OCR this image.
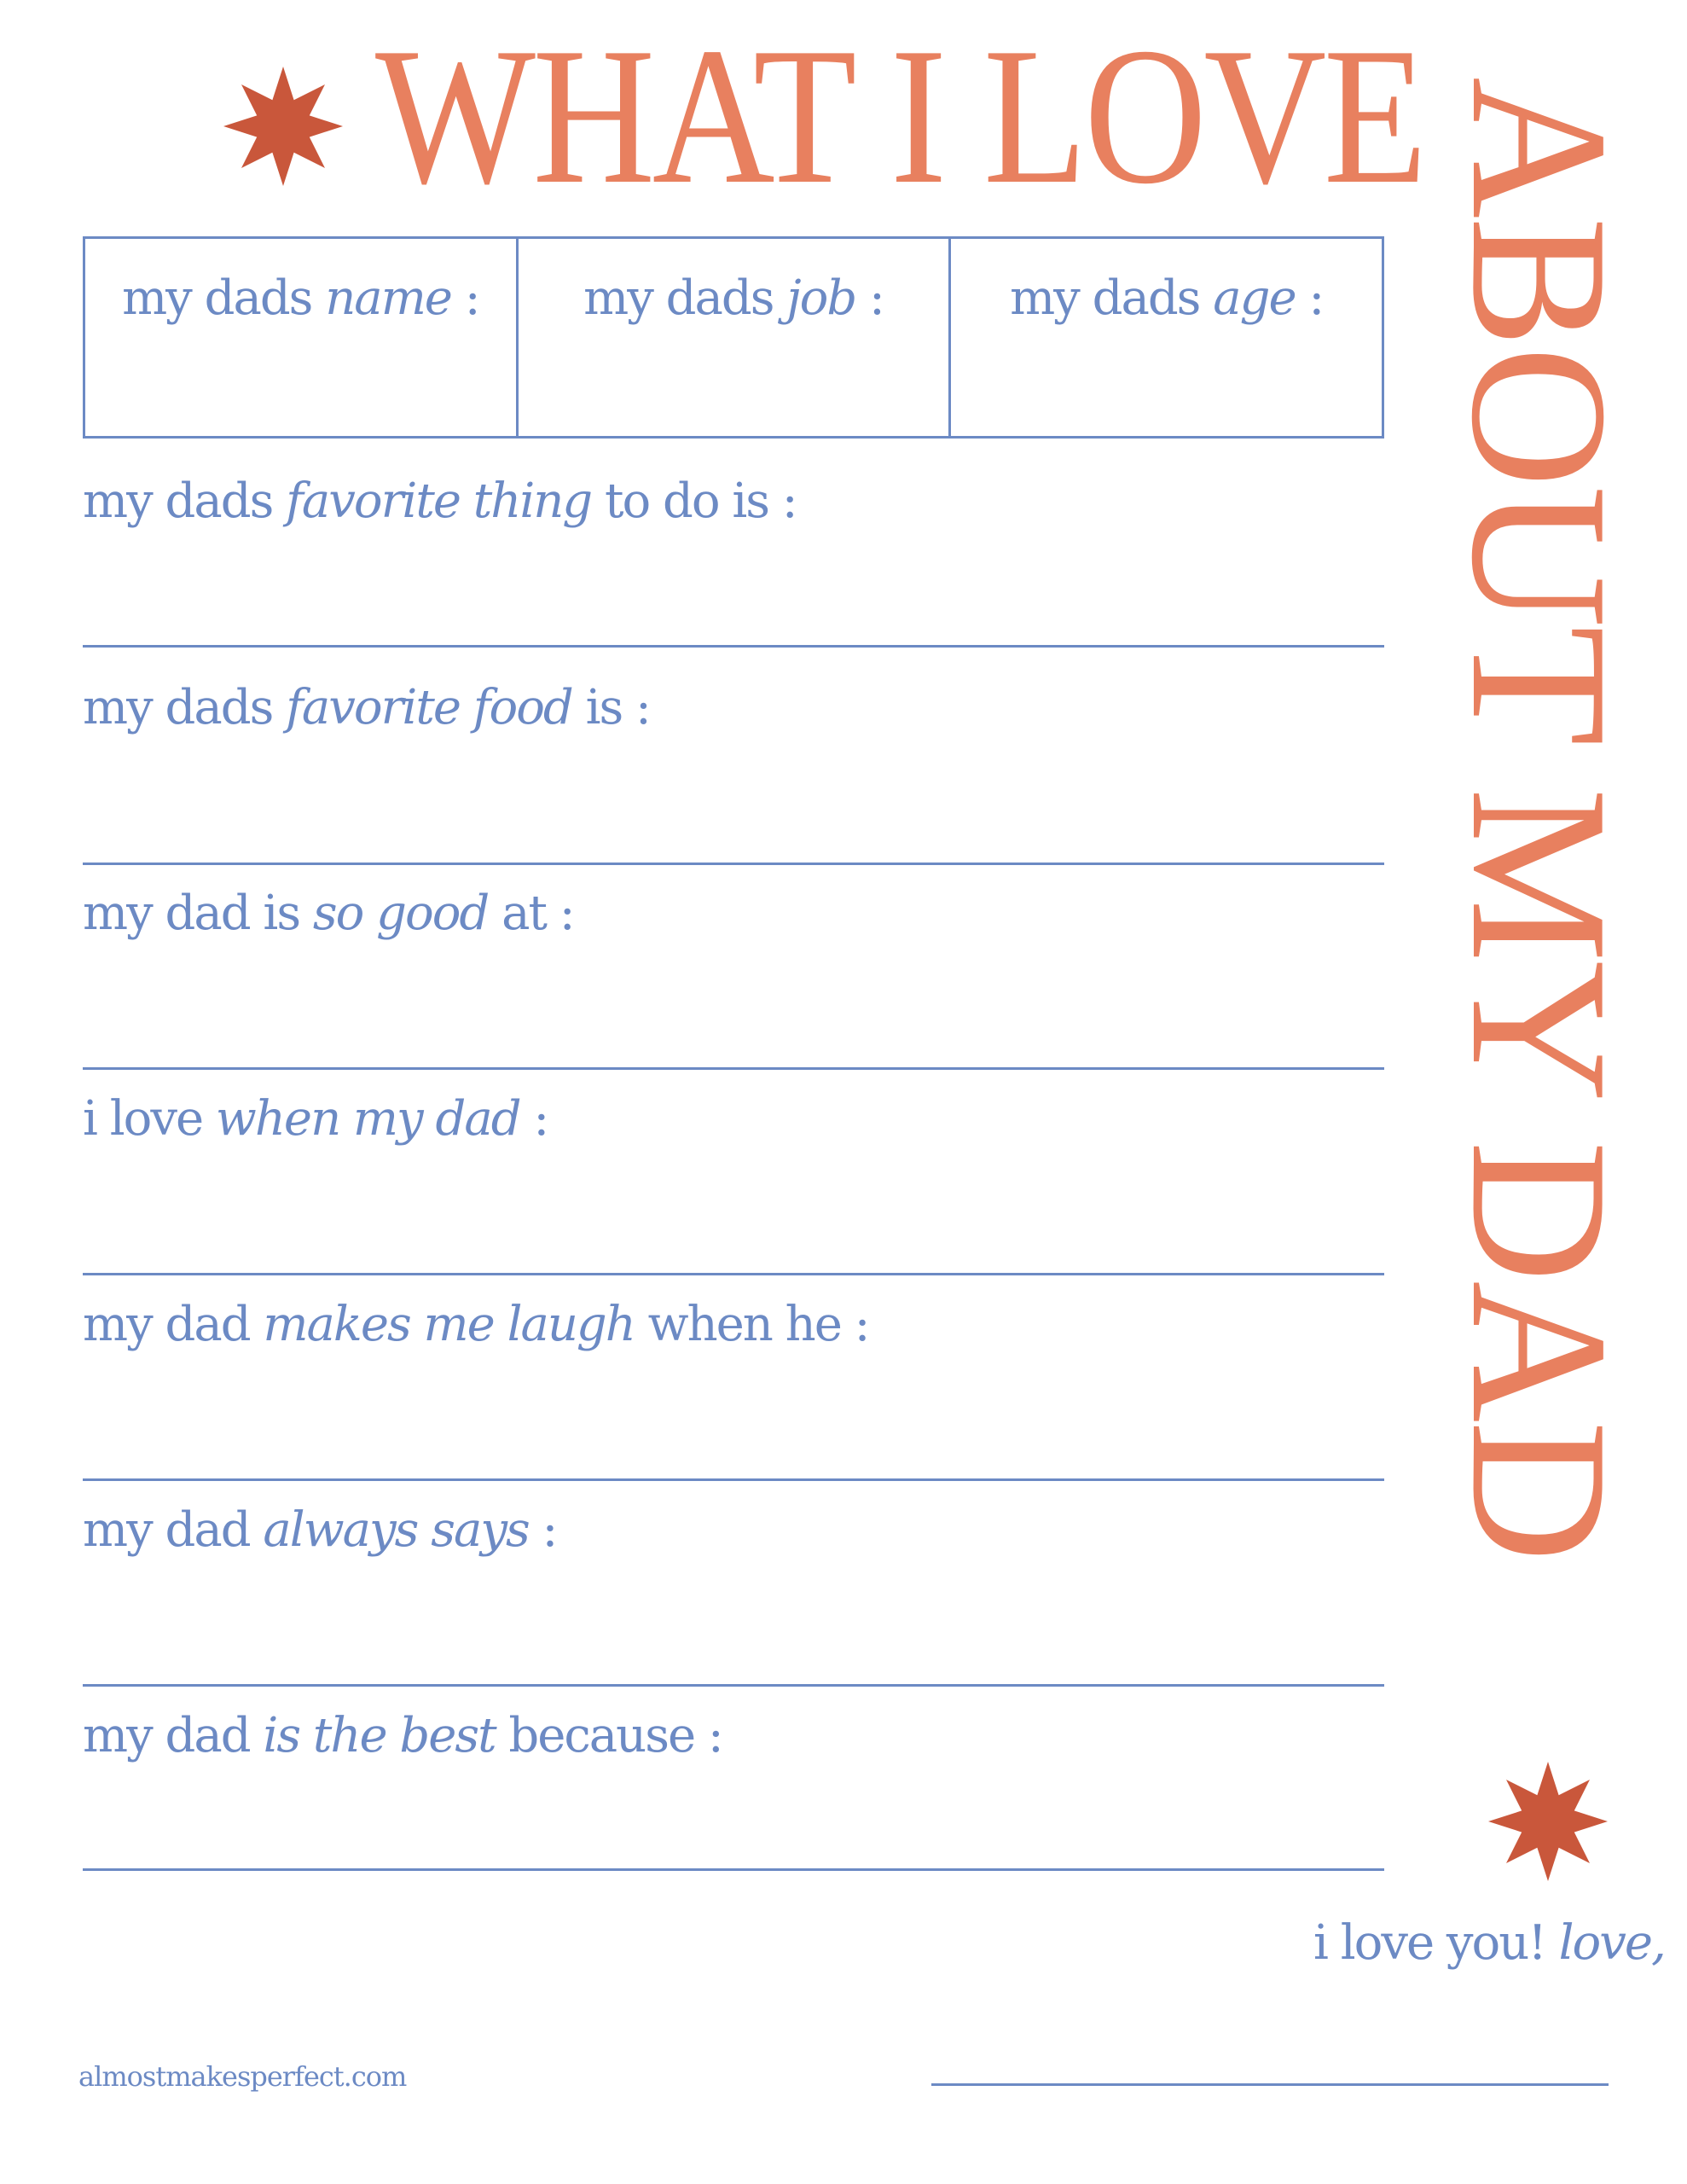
WHAT I LOVE ABOUT MY DAD
my dads name : my dads job :	my dads age :
my dads favorite thing to do is :
my dads favorite food is :
my dad is so good at :
i love when my dad :
my dad makes me laugh when he :
my dad always says :
my dad is the best because :
i love you! love,
almostmakesperfect.com
